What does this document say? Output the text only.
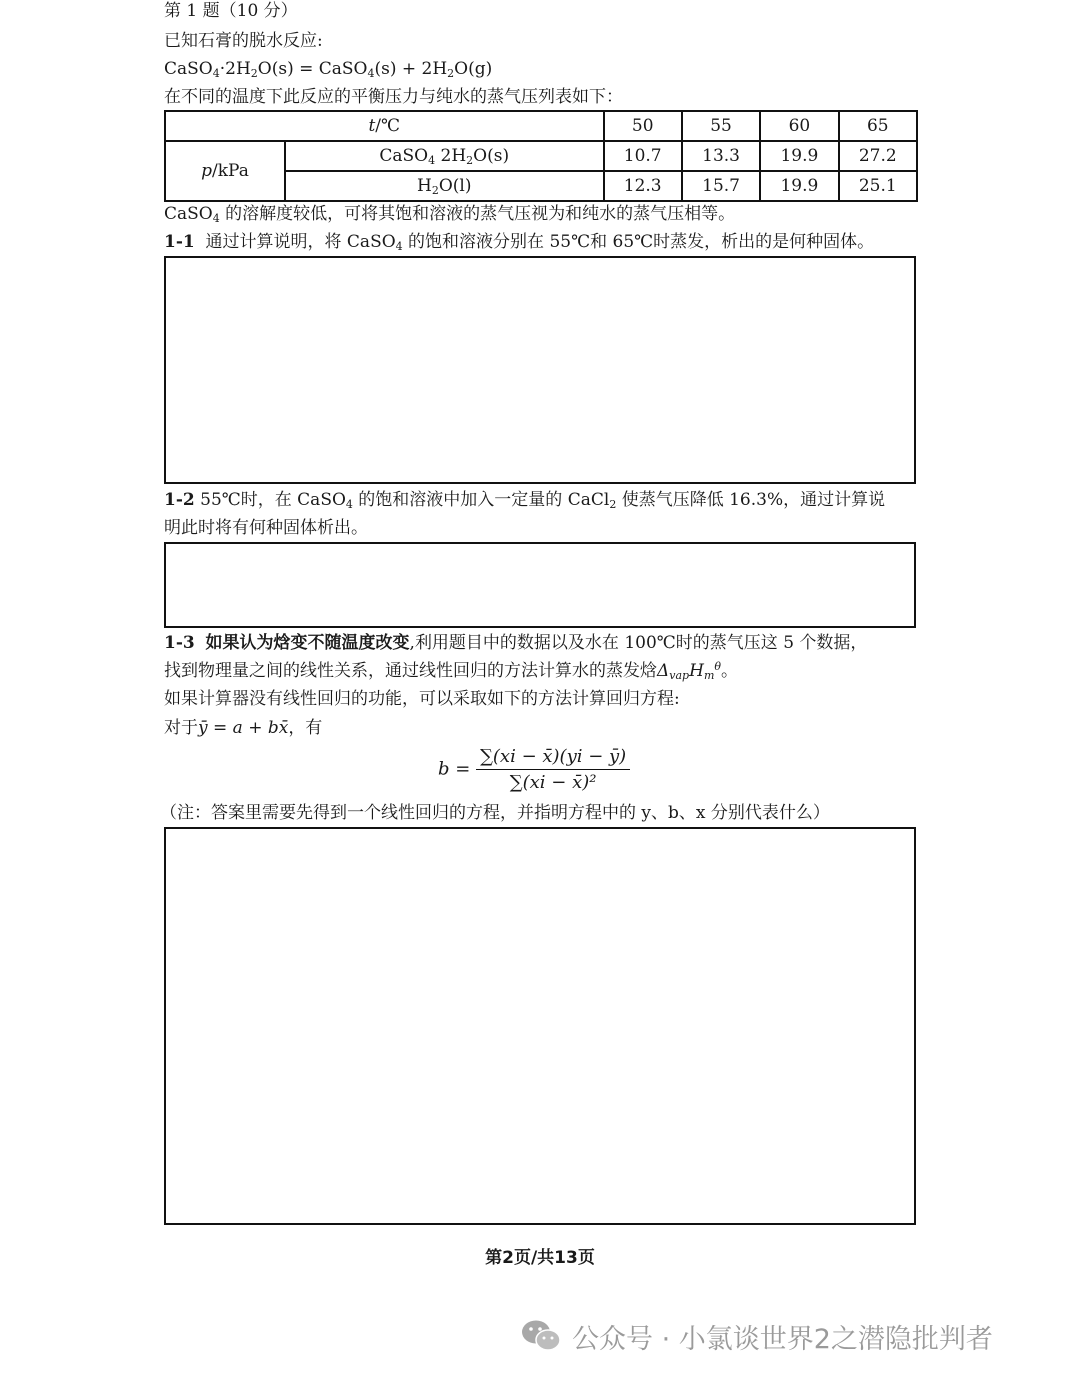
第 1 题（10 分）
已知石膏的脱水反应:
$CaSO_4\cdot 2H_2O(s)$ = CaSO$_4$(s) + $2H_2O(g)$
在不同的温度下此反应的平衡压力与纯水的蒸气压列表如下：
t/℃		50	55	60	65
p/kPa	CaSO$_4$ $2H_2O(s)$	10.7	13.3	19.9	27.2
	$H_2O(l)$	12.3	15.7	19.9	25.1
CaSO$_4$ 的溶解度较低，可将其饱和溶液的蒸气压视为和纯水的蒸气压相等。
1-1  通过计算说明，将 CaSO$_4$ 的饱和溶液分别在 55℃和 65℃时蒸发，析出的是何种固体。
1-2 55℃时，在 CaSO$_4$ 的饱和溶液中加入一定量的 CaCl$_2$ 使蒸气压降低 16.3%，通过计算说
明此时将有何种固体析出。
1-3 如果认为焓变不随温度改变,利用题目中的数据以及水在 100℃时的蒸气压这 5 个数据，
找到物理量之间的线性关系，通过线性回归的方法计算水的蒸发焓$\Delta_{vap}H_m^\theta$。
如果计算器没有线性回归的功能，可以采取如下的方法计算回归方程:
对于ȳ = a + bx̄，有
$b = \frac{\sum(xi - x̄)(yi - ȳ)}{\text{∑(xi − x̄)²}}$
（注：答案里需要先得到一个线性回归的方程，并指明方程中的 y、b、x 分别代表什么）
第2页/共13页
公众号 · 小氯谈世界2之潜隐批判者
